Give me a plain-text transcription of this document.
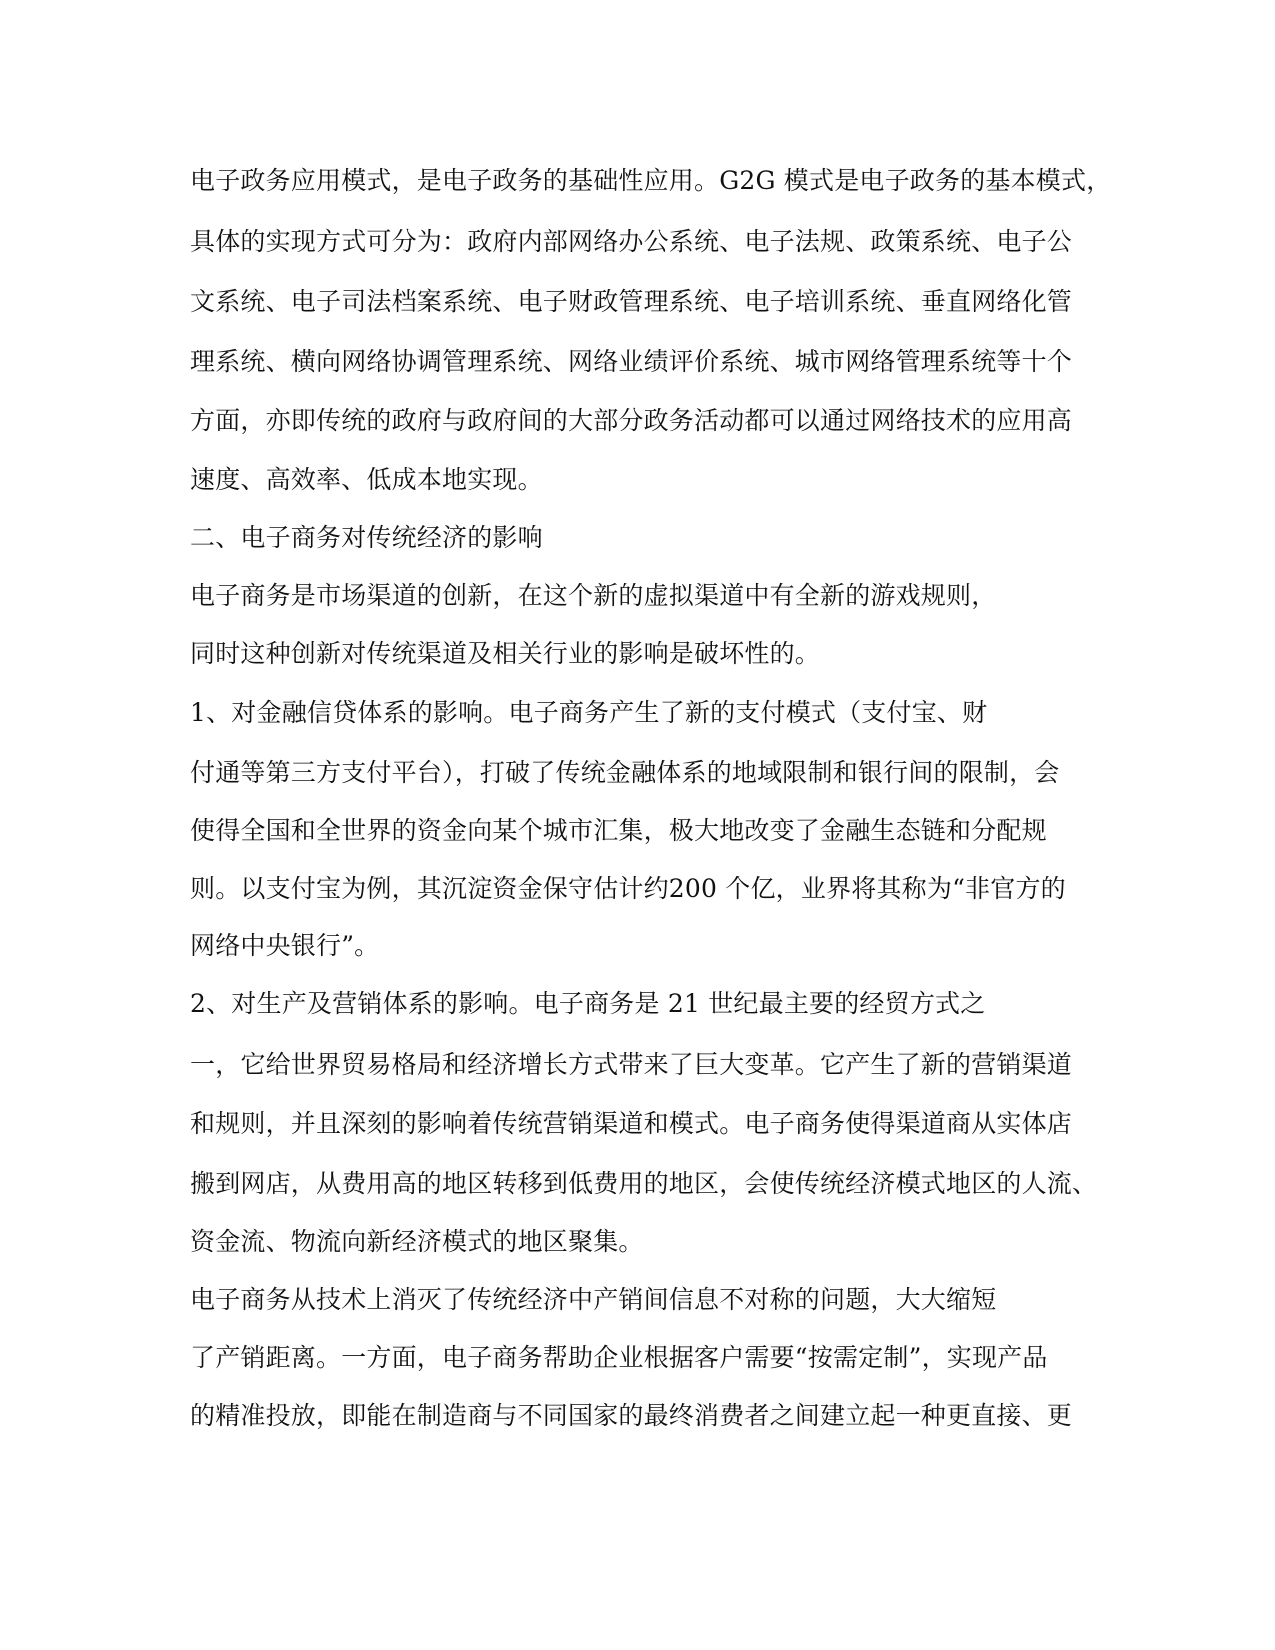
电子政务应用模式，是电子政务的基础性应用。G2G 模式是电子政务的基本模式，
具体的实现方式可分为：政府内部网络办公系统、电子法规、政策系统、电子公
文系统、电子司法档案系统、电子财政管理系统、电子培训系统、垂直网络化管
理系统、横向网络协调管理系统、网络业绩评价系统、城市网络管理系统等十个
方面，亦即传统的政府与政府间的大部分政务活动都可以通过网络技术的应用高
速度、高效率、低成本地实现。
二、电子商务对传统经济的影响
电子商务是市场渠道的创新，在这个新的虚拟渠道中有全新的游戏规则，
同时这种创新对传统渠道及相关行业的影响是破坏性的。
1、对金融信贷体系的影响。电子商务产生了新的支付模式（支付宝、财
付通等第三方支付平台），打破了传统金融体系的地域限制和银行间的限制，会
使得全国和全世界的资金向某个城市汇集，极大地改变了金融生态链和分配规
则。以支付宝为例，其沉淀资金保守估计约200 个亿，业界将其称为“非官方的
网络中央银行”。
2、对生产及营销体系的影响。电子商务是 21 世纪最主要的经贸方式之
一，它给世界贸易格局和经济增长方式带来了巨大变革。它产生了新的营销渠道
和规则，并且深刻的影响着传统营销渠道和模式。电子商务使得渠道商从实体店
搬到网店，从费用高的地区转移到低费用的地区，会使传统经济模式地区的人流、
资金流、物流向新经济模式的地区聚集。
电子商务从技术上消灭了传统经济中产销间信息不对称的问题，大大缩短
了产销距离。一方面，电子商务帮助企业根据客户需要“按需定制”，实现产品
的精准投放，即能在制造商与不同国家的最终消费者之间建立起一种更直接、更
